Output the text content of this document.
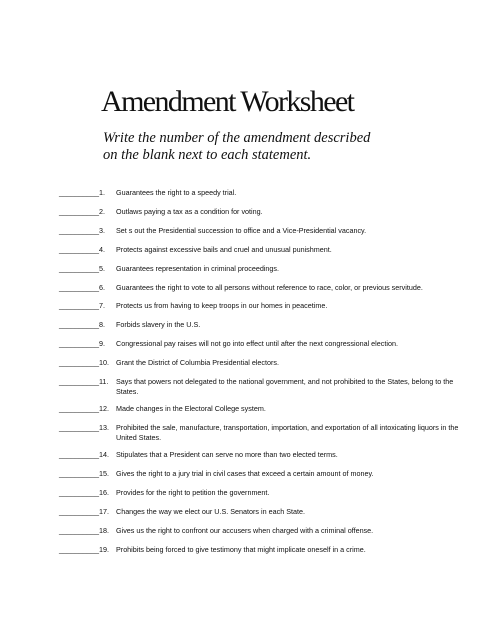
Amendment Worksheet
Write the number of the amendment described on the blank next to each statement.
__________1. Guarantees the right to a speedy trial.
__________2. Outlaws paying a tax as a condition for voting.
__________3. Set s out the Presidential succession to office and a Vice-Presidential vacancy.
__________4. Protects against excessive bails and cruel and unusual punishment.
__________5. Guarantees representation in criminal proceedings.
__________6. Guarantees the right to vote to all persons without reference to race, color, or previous servitude.
__________7. Protects us from having to keep troops in our homes in peacetime.
__________8. Forbids slavery in the U.S.
__________9. Congressional pay raises will not go into effect until after the next congressional election.
__________10. Grant the District of Columbia Presidential electors.
__________11. Says that powers not delegated to the national government, and not prohibited to the States, belong to the States.
__________12. Made changes in the Electoral College system.
__________13. Prohibited the sale, manufacture, transportation, importation, and exportation of all intoxicating liquors in the United States.
__________14. Stipulates that a President can serve no more than two elected terms.
__________15. Gives the right to a jury trial in civil cases that exceed a certain amount of money.
__________16. Provides for the right to petition the government.
__________17. Changes the way we elect our U.S. Senators in each State.
__________18. Gives us the right to confront our accusers when charged with a criminal offense.
__________19. Prohibits being forced to give testimony that might implicate oneself in a crime.
